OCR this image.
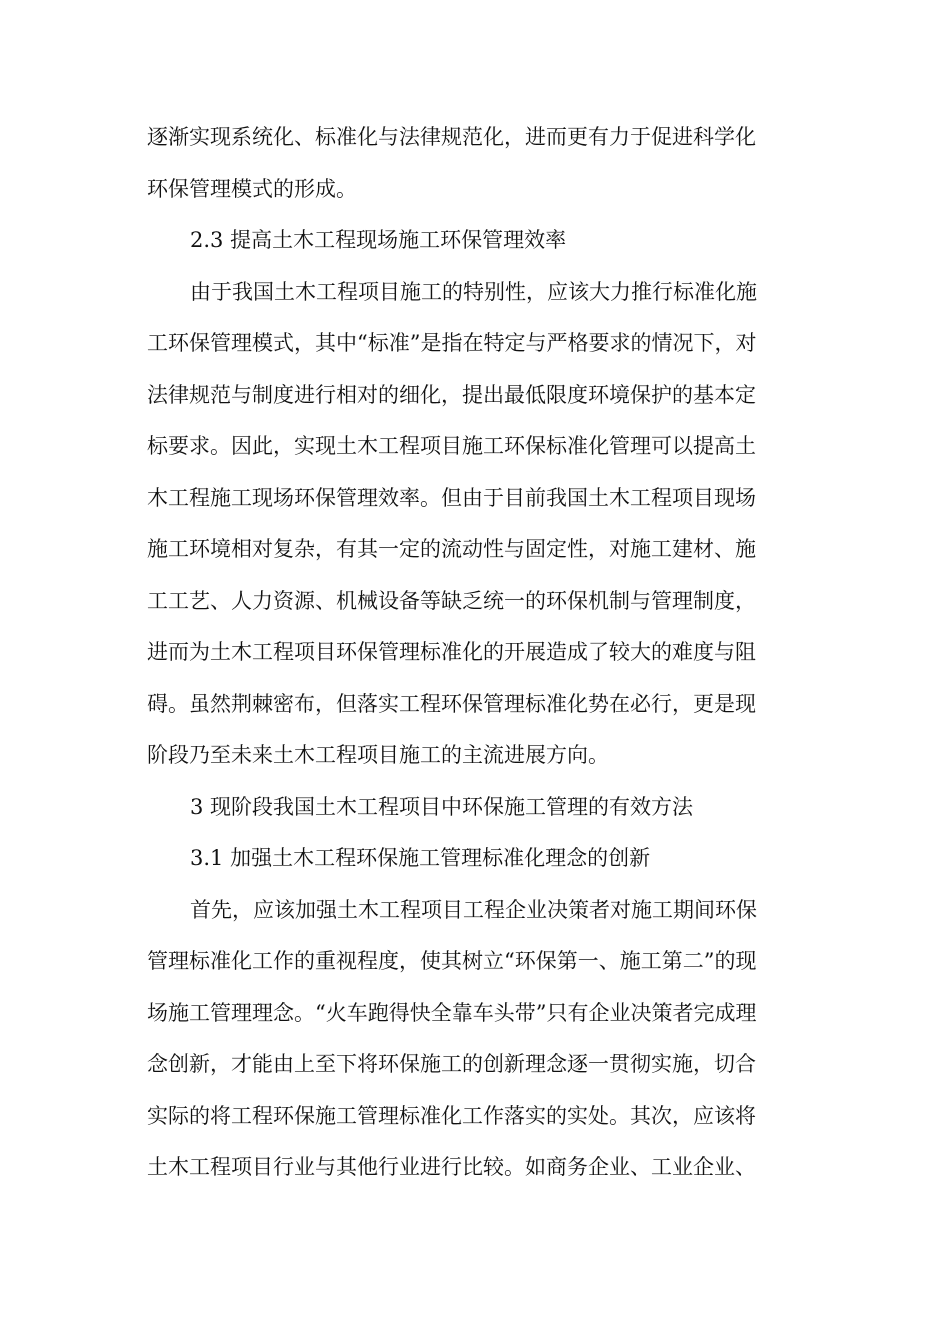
逐渐实现系统化、标准化与法律规范化，进而更有力于促进科学化
环保管理模式的形成。
2.3 提高土木工程现场施工环保管理效率
由于我国土木工程项目施工的特别性，应该大力推行标准化施
工环保管理模式，其中“标准”是指在特定与严格要求的情况下，对
法律规范与制度进行相对的细化，提出最低限度环境保护的基本定
标要求。因此，实现土木工程项目施工环保标准化管理可以提高土
木工程施工现场环保管理效率。但由于目前我国土木工程项目现场
施工环境相对复杂，有其一定的流动性与固定性，对施工建材、施
工工艺、人力资源、机械设备等缺乏统一的环保机制与管理制度，
进而为土木工程项目环保管理标准化的开展造成了较大的难度与阻
碍。虽然荆棘密布，但落实工程环保管理标准化势在必行，更是现
阶段乃至未来土木工程项目施工的主流进展方向。
3 现阶段我国土木工程项目中环保施工管理的有效方法
3.1 加强土木工程环保施工管理标准化理念的创新
首先，应该加强土木工程项目工程企业决策者对施工期间环保
管理标准化工作的重视程度，使其树立“环保第一、施工第二”的现
场施工管理理念。“火车跑得快全靠车头带”只有企业决策者完成理
念创新，才能由上至下将环保施工的创新理念逐一贯彻实施，切合
实际的将工程环保施工管理标准化工作落实的实处。其次，应该将
土木工程项目行业与其他行业进行比较。如商务企业、工业企业、
